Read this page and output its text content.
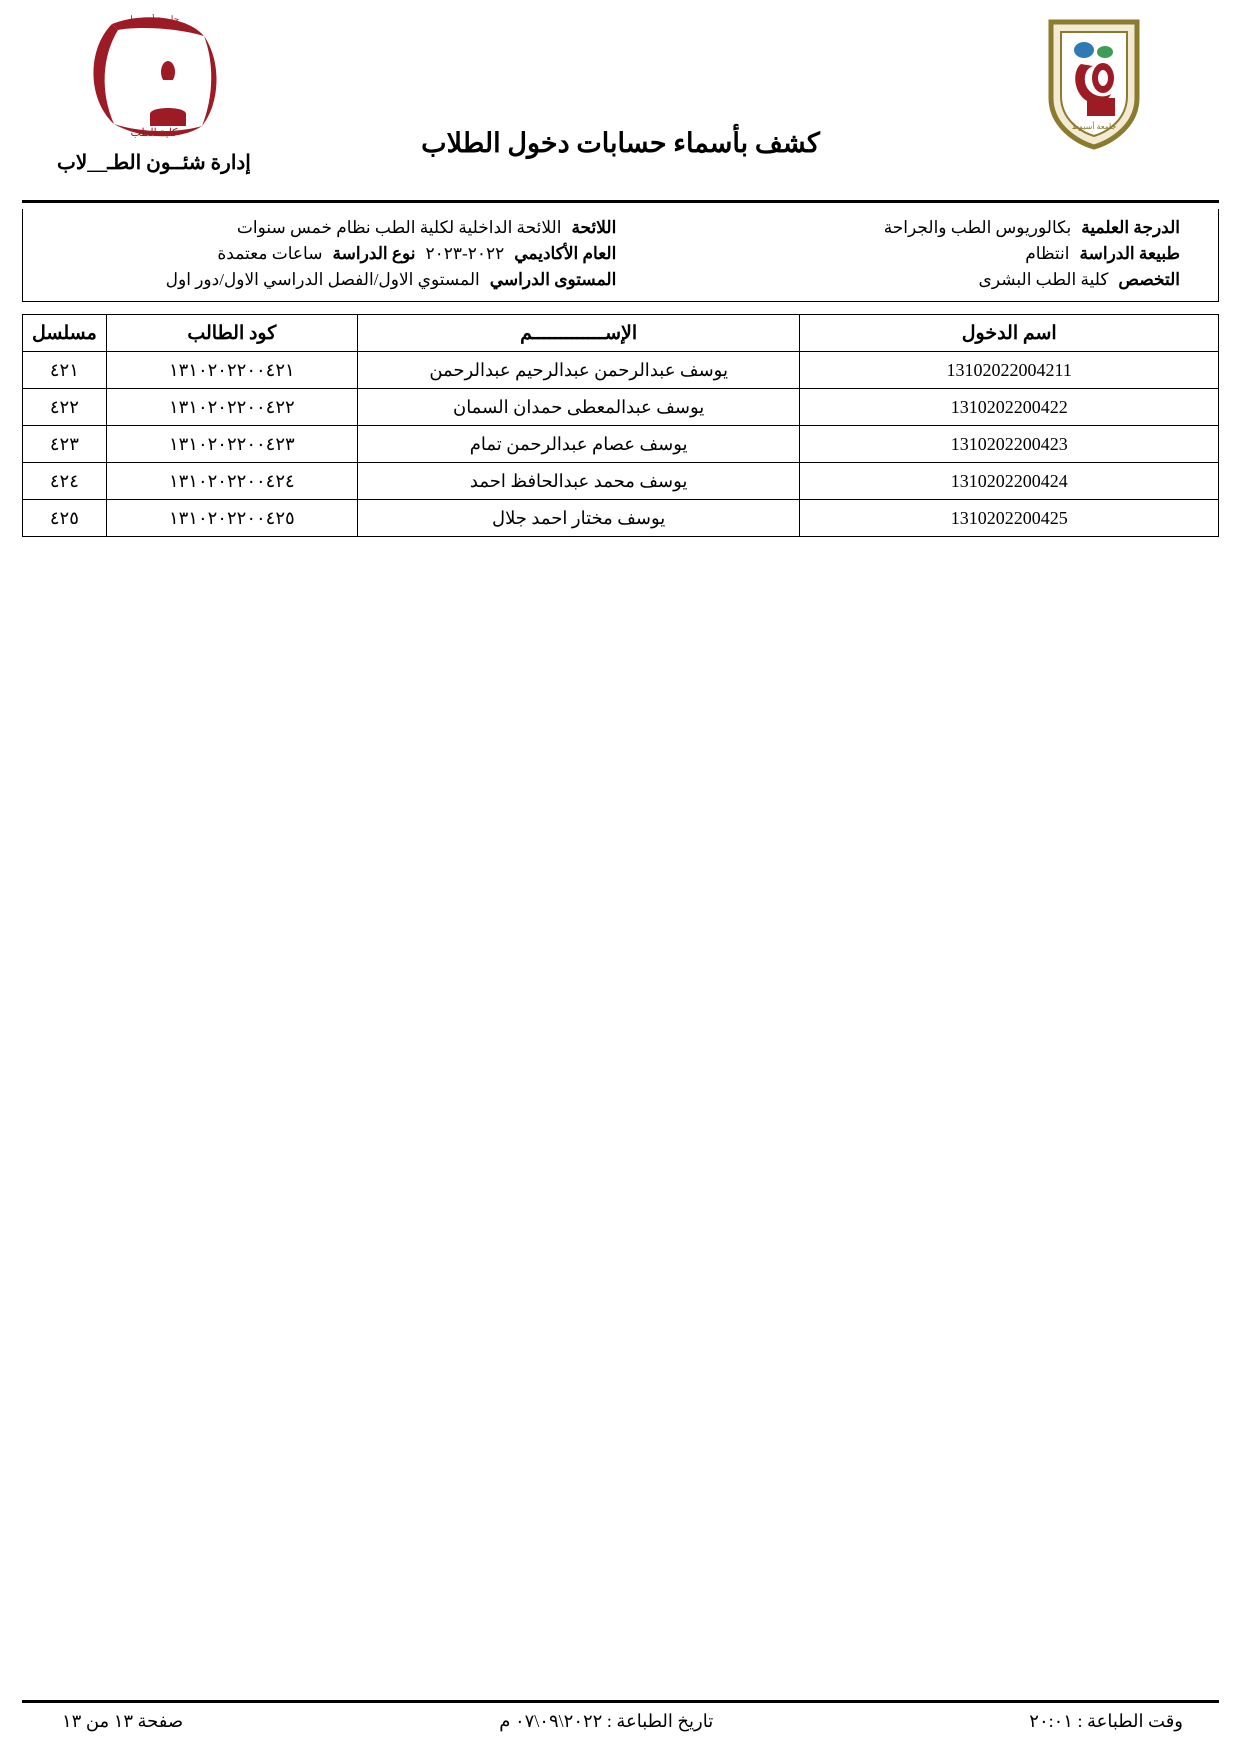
كلية الطب
جامعة أسيوط
جامعة أسيوط
كشف بأسماء حسابات دخول الطلاب
إدارة شئــون الطـ__لاب
الدرجة العلمية
بكالوريوس الطب والجراحة
اللائحة
اللائحة الداخلية لكلية الطب نظام خمس سنوات
طبيعة الدراسة
انتظام
العام الأكاديمي
٢٠٢٢-٢٠٢٣
نوع الدراسة
ساعات معتمدة
التخصص
كلية الطب البشرى
المستوى الدراسي
المستوي الاول/الفصل الدراسي الاول/دور اول
اسم الدخول	الإســـــــــــــم	كود الطالب	مسلسل
13102022004211	يوسف عبدالرحمن عبدالرحيم عبدالرحمن	١٣١٠٢٠٢٢٠٠٤٢١	٤٢١
1310202200422	يوسف عبدالمعطى حمدان السمان	١٣١٠٢٠٢٢٠٠٤٢٢	٤٢٢
1310202200423	يوسف عصام عبدالرحمن تمام	١٣١٠٢٠٢٢٠٠٤٢٣	٤٢٣
1310202200424	يوسف محمد عبدالحافظ احمد	١٣١٠٢٠٢٢٠٠٤٢٤	٤٢٤
1310202200425	يوسف مختار احمد جلال	١٣١٠٢٠٢٢٠٠٤٢٥	٤٢٥
وقت الطباعة : ٢٠:٠١
تاريخ الطباعة : ٢٠٢٢\٠٩\٠٧ م
صفحة ١٣ من ١٣
